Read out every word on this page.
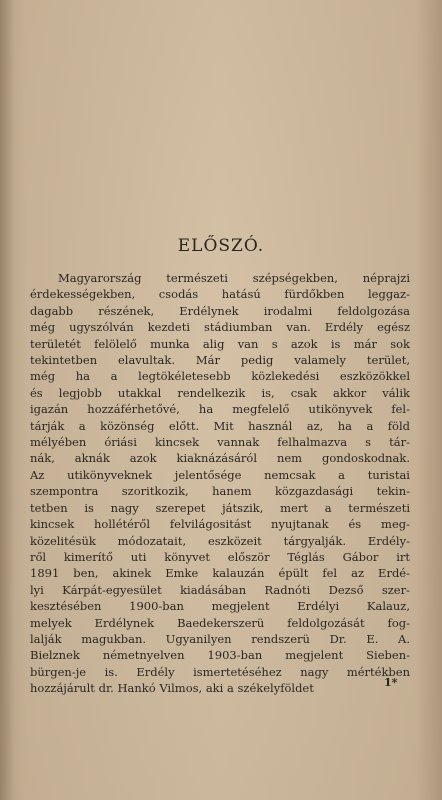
ELŐSZÓ.
Magyarország természeti szépségekben, néprajzi
érdekességekben, csodás hatású fürdőkben leggaz-
dagabb részének, Erdélynek irodalmi feldolgozása
még ugyszólván kezdeti stádiumban van. Erdély egész
területét felölelő munka alig van s azok is már sok
tekintetben elavultak. Már pedig valamely terület,
még ha a legtökéletesebb közlekedési eszközökkel
és legjobb utakkal rendelkezik is, csak akkor válik
igazán hozzáférhetővé, ha megfelelő utikönyvek fel-
tárják a közönség előtt. Mit használ az, ha a föld
mélyében óriási kincsek vannak felhalmazva s tár-
nák, aknák azok kiaknázásáról nem gondoskodnak.
Az utikönyveknek jelentősége nemcsak a turistai
szempontra szoritkozik, hanem közgazdasági tekin-
tetben is nagy szerepet játszik, mert a természeti
kincsek hollétéről felvilágositást nyujtanak és meg-
közelitésük módozatait, eszközeit tárgyalják. Erdély-
ről kimerítő uti könyvet először Téglás Gábor irt
1891 ben, akinek Emke kalauzán épült fel az Erdé-
lyi Kárpát-egyesület kiadásában Radnóti Dezső szer-
kesztésében 1900-ban megjelent Erdélyi Kalauz,
melyek Erdélynek Baedekerszerü feldolgozását fog-
lalják magukban. Ugyanilyen rendszerü Dr. E. A.
Bielznek németnyelven 1903-ban megjelent Sieben-
bürgen-je is. Erdély ismertetéséhez nagy mértékben
hozzájárult dr. Hankó Vilmos, aki a székelyföldet	1*
